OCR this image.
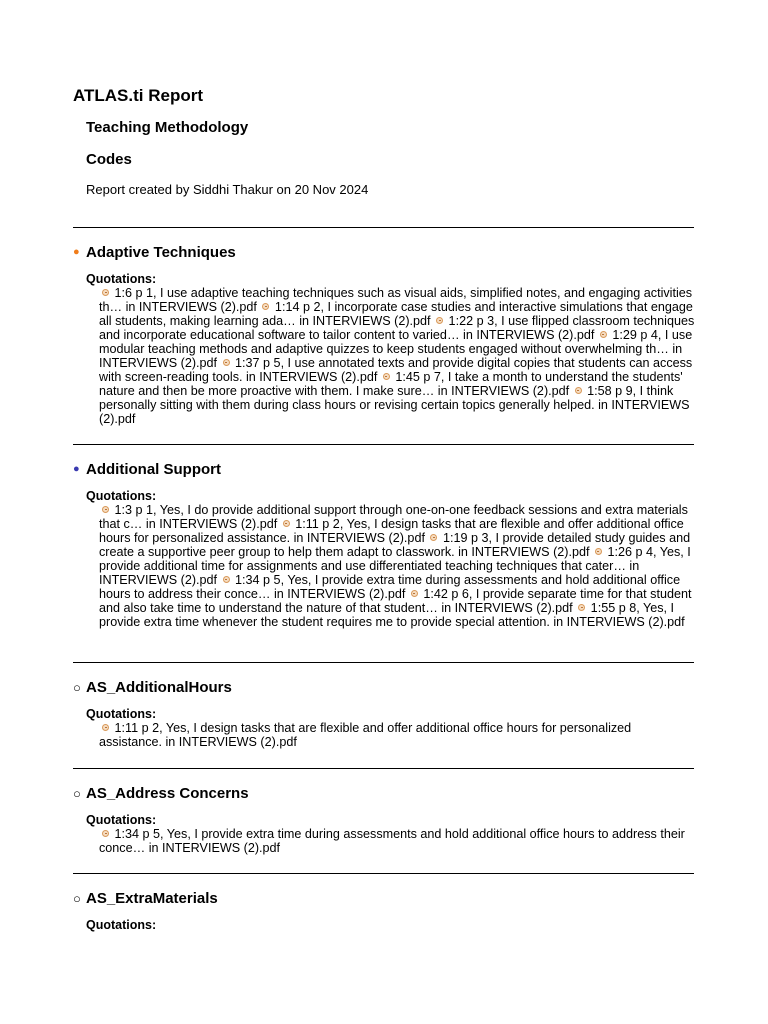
ATLAS.ti Report
Teaching Methodology
Codes

Report created by Siddhi Thakur on 20 Nov 2024

● Adaptive Techniques
Quotations:
1:6 p 1, I use adaptive teaching techniques such as visual aids, simplified notes, and engaging activities th… in INTERVIEWS (2).pdf  1:14 p 2, I incorporate case studies and interactive simulations that engage all students, making learning ada… in INTERVIEWS (2).pdf  1:22 p 3, I use flipped classroom techniques and incorporate educational software to tailor content to varied… in INTERVIEWS (2).pdf  1:29 p 4, I use modular teaching methods and adaptive quizzes to keep students engaged without overwhelming th… in INTERVIEWS (2).pdf  1:37 p 5, I use annotated texts and provide digital copies that students can access with screen-reading tools. in INTERVIEWS (2).pdf  1:45 p 7, I take a month to understand the students' nature and then be more proactive with them. I make sure… in INTERVIEWS (2).pdf  1:58 p 9, I think personally sitting with them during class hours or revising certain topics generally helped. in INTERVIEWS (2).pdf
● Additional Support
Quotations:
1:3 p 1, Yes, I do provide additional support through one-on-one feedback sessions and extra materials that c… in INTERVIEWS (2).pdf  1:11 p 2, Yes, I design tasks that are flexible and offer additional office hours for personalized assistance. in INTERVIEWS (2).pdf  1:19 p 3, I provide detailed study guides and create a supportive peer group to help them adapt to classwork. in INTERVIEWS (2).pdf  1:26 p 4, Yes, I provide additional time for assignments and use differentiated teaching techniques that cater… in INTERVIEWS (2).pdf  1:34 p 5, Yes, I provide extra time during assessments and hold additional office hours to address their conce… in INTERVIEWS (2).pdf  1:42 p 6, I provide separate time for that student and also take time to understand the nature of that student… in INTERVIEWS (2).pdf  1:55 p 8, Yes, I provide extra time whenever the student requires me to provide special attention. in INTERVIEWS (2).pdf
○ AS_AdditionalHours
Quotations:
1:11 p 2, Yes, I design tasks that are flexible and offer additional office hours for personalized assistance. in INTERVIEWS (2).pdf
○ AS_Address Concerns
Quotations:
1:34 p 5, Yes, I provide extra time during assessments and hold additional office hours to address their conce… in INTERVIEWS (2).pdf
○ AS_ExtraMaterials
Quotations:
